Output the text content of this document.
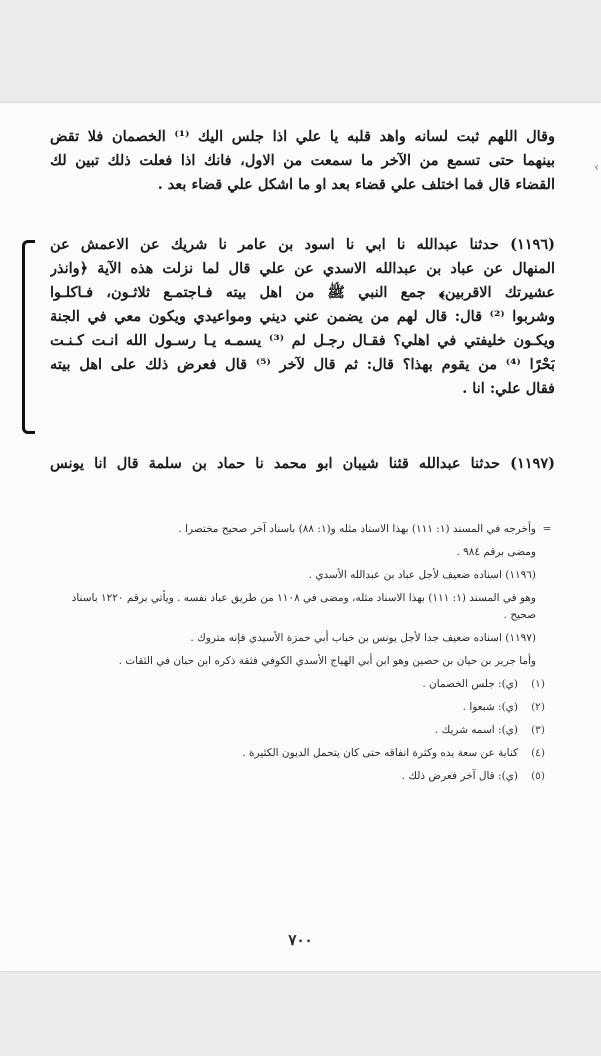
وقال اللهم ثبت لسانه واهد قلبه يا علي اذا جلس اليك ⁽¹⁾ الخصمان فلا تقض
بينهما حتى تسمع من الآخر ما سمعت من الاول، فانك اذا فعلت ذلك تبين لك
القضاء قال فما اختلف علي قضاء بعد او ما اشكل علي قضاء بعد .
(١١٩٦) حدثنا عبدالله نا ابي نا اسود بن عامر نا شريك عن الاعمش عن
المنهال عن عباد بن عبدالله الاسدي عن علي قال لما نزلت هذه الآية ﴿وانذر
عشيرتك الاقربين﴾ جمع النبي ﷺ من اهل بيته فـاجتمـع ثلاثـون، فـاكلـوا
وشربوا ⁽²⁾ قال: قال لهم من يضمن عني ديني ومواعيدي ويكون معي في الجنة
ويكـون خليفتي في اهلي؟ فقـال رجـل لم ⁽³⁾ يسمـه يـا رسـول الله انـت كـنـت
بَحْرًا ⁽⁴⁾ من يقوم بهذا؟ قال: ثم قال لآخر ⁽⁵⁾ قال فعرض ذلك على اهل بيته
فقال علي: انا .
(١١٩٧) حدثنا عبدالله قثنا شيبان ابو محمد نا حماد بن سلمة قال انا يونس
=
وأخرجه في المسند (١: ١١١) بهذا الاسناد مثله و(١: ٨٨) باسناد آخر صحيح مختصرا .
ومضى برقم ٩٨٤ .
(١١٩٦) اسناده ضعيف لأجل عباد بن عبدالله الأسدي .
وهو في المسند (١: ١١١) بهذا الاسناد مثله، ومضى في ١١٠٨ من طريق عباد نفسه . ويأتي برقم ١٢٢٠ باسناد صحيح .
(١١٩٧) اسناده ضعيف جدا لأجل يونس بن خباب أبي حمزة الأسيدي فإنه متروك .
وأما جرير بن حيان بن حصين وهو ابن أبي الهياج الأسدي الكوفي فثقة ذكره ابن حبان في الثقات .
(١)
(ي): جلس الخصمان .
(٢)
(ي): شبعوا .
(٣)
(ي): اسمه شريك .
(٤)
كناية عن سعة يده وكثرة انفاقه حتى كان يتحمل الديون الكثيرة .
(٥)
(ي): قال آخر فعرض ذلك .
٧٠٠
‹
